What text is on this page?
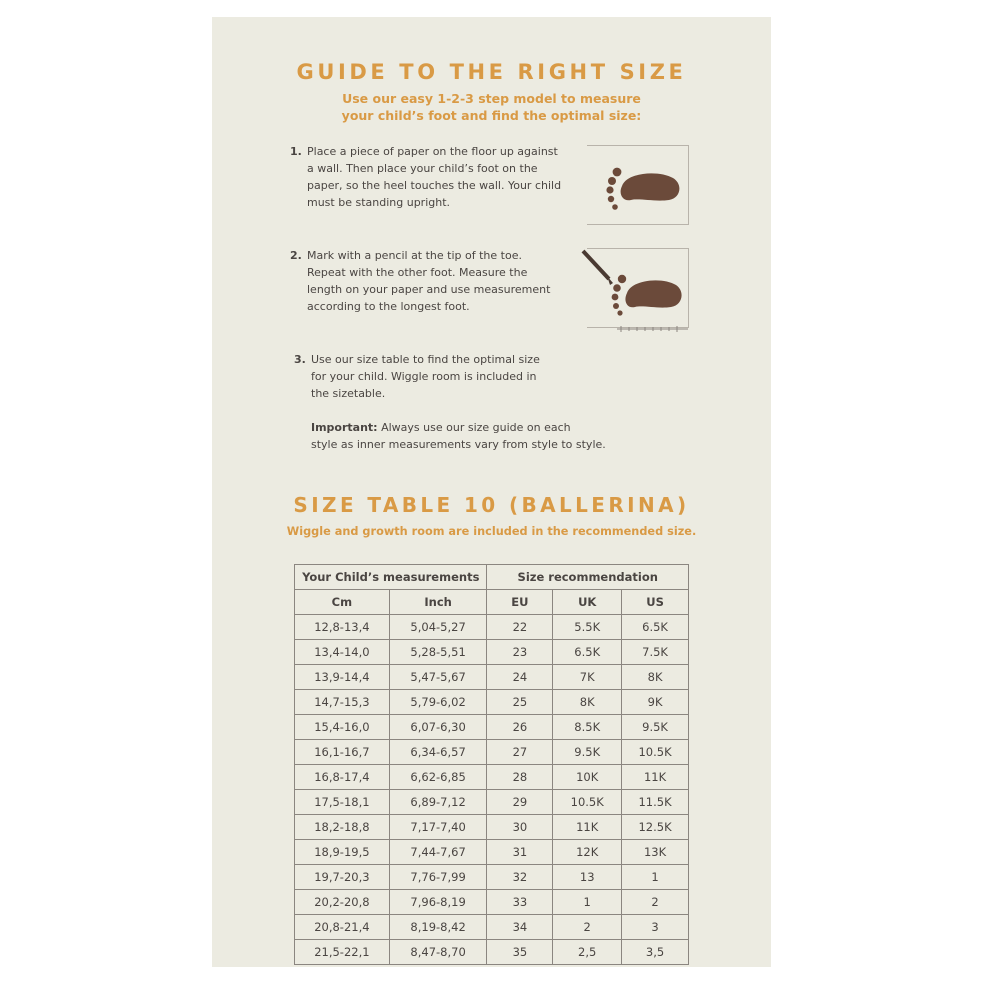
GUIDE TO THE RIGHT SIZE

Use our easy 1-2-3 step model to measure

your child’s foot and find the optimal size:

1. Place a piece of paper on the floor up against
a wall. Then place your child’s foot on the
paper, so the heel touches the wall. Your child
must be standing upright.
2. Mark with a pencil at the tip of the toe.
Repeat with the other foot. Measure the
length on your paper and use measurement
according to the longest foot.
3. Use our size table to find the optimal size
for your child. Wiggle room is included in
the sizetable.
Important: Always use our size guide on each
style as inner measurements vary from style to style.
SIZE TABLE 10 (BALLERINA)

Wiggle and growth room are included in the recommended size.

Your Child’s measurements		Size recommendation		
Cm	Inch	EU	UK	US
12,8-13,4	5,04-5,27	22	5.5K	6.5K
13,4-14,0	5,28-5,51	23	6.5K	7.5K
13,9-14,4	5,47-5,67	24	7K	8K
14,7-15,3	5,79-6,02	25	8K	9K
15,4-16,0	6,07-6,30	26	8.5K	9.5K
16,1-16,7	6,34-6,57	27	9.5K	10.5K
16,8-17,4	6,62-6,85	28	10K	11K
17,5-18,1	6,89-7,12	29	10.5K	11.5K
18,2-18,8	7,17-7,40	30	11K	12.5K
18,9-19,5	7,44-7,67	31	12K	13K
19,7-20,3	7,76-7,99	32	13	1
20,2-20,8	7,96-8,19	33	1	2
20,8-21,4	8,19-8,42	34	2	3
21,5-22,1	8,47-8,70	35	2,5	3,5
